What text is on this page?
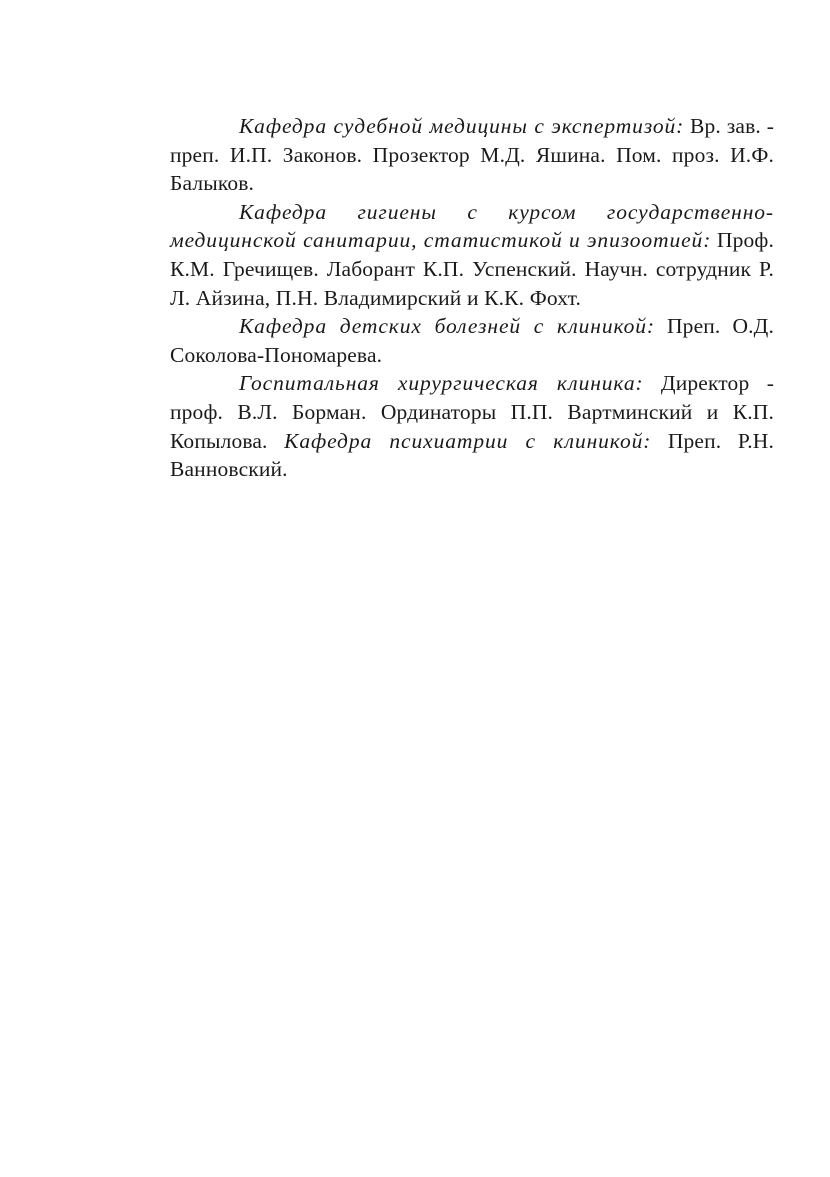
Кафедра судебной медицины с экспертизой: Вр. зав. - преп. И.П. Законов. Прозектор М.Д. Яшина. Пом. проз. И.Ф. Балыков.

Кафедра гигиены с курсом государственно-медицинской санитарии, статистикой и эпизоотией: Проф. К.М. Гречищев. Лаборант К.П. Успенский. Научн. сотрудник Р. Л. Айзина, П.Н. Владимирский и К.К. Фохт.

Кафедра детских болезней с клиникой: Преп. О.Д. Соколова-Пономарева.

Госпитальная хирургическая клиника: Директор - проф. В.Л. Борман. Ординаторы П.П. Вартминский и К.П. Копылова. Кафедра психиатрии с клиникой: Преп. Р.Н. Ванновский.
